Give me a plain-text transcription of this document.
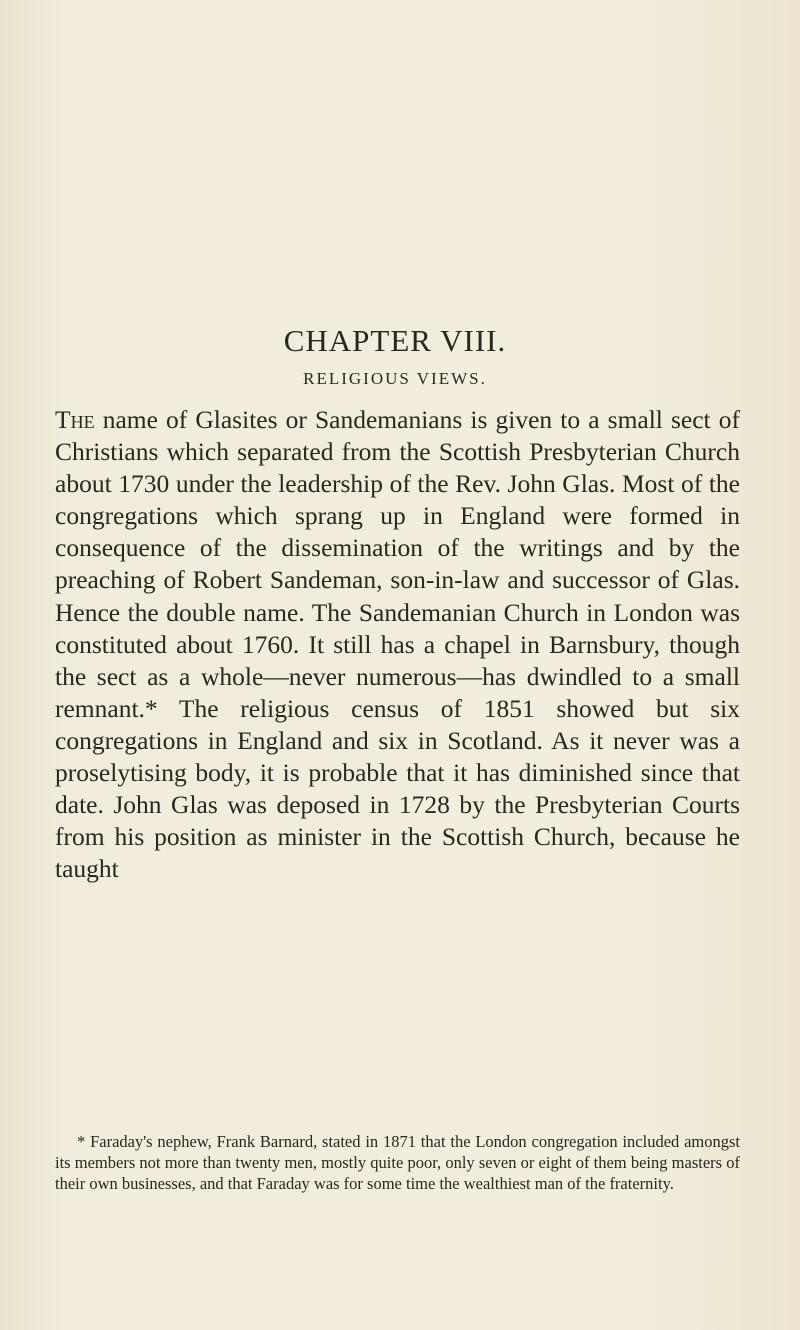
CHAPTER VIII.
RELIGIOUS VIEWS.

The name of Glasites or Sandemanians is given to a small sect of Christians which separated from the Scottish Presbyterian Church about 1730 under the leadership of the Rev. John Glas. Most of the congregations which sprang up in England were formed in consequence of the dissemination of the writings and by the preaching of Robert Sandeman, son-in-law and successor of Glas. Hence the double name. The Sandemanian Church in London was constituted about 1760. It still has a chapel in Barnsbury, though the sect as a whole—never numerous—has dwindled to a small remnant.* The religious census of 1851 showed but six congregations in England and six in Scotland. As it never was a proselytising body, it is probable that it has diminished since that date. John Glas was deposed in 1728 by the Presbyterian Courts from his position as minister in the Scottish Church, because he taught

* Faraday's nephew, Frank Barnard, stated in 1871 that the London congregation included amongst its members not more than twenty men, mostly quite poor, only seven or eight of them being masters of their own businesses, and that Faraday was for some time the wealthiest man of the fraternity.
